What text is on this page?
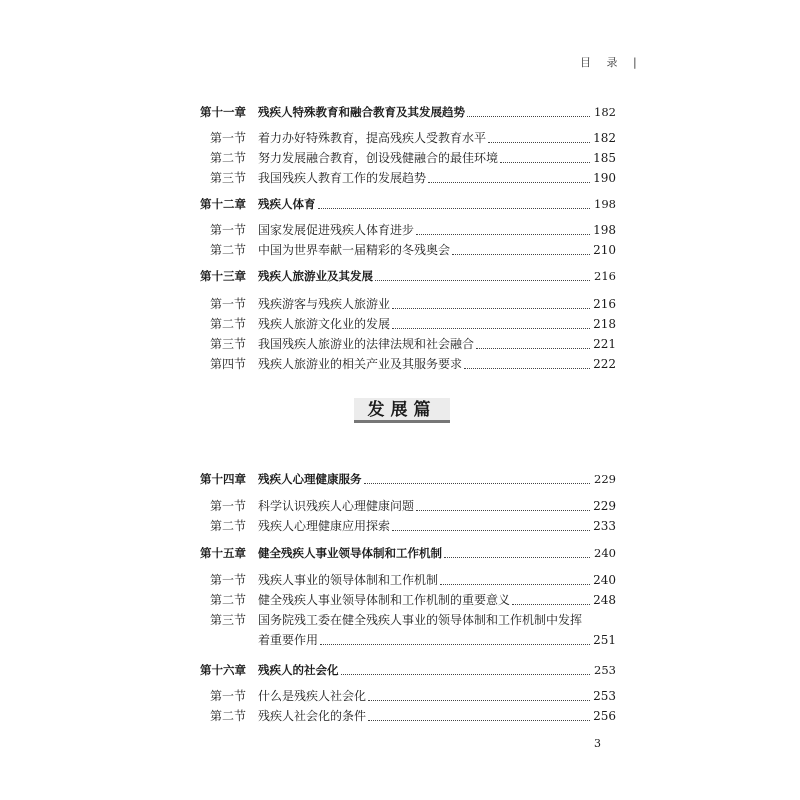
目 录 |
第十一章	残疾人特殊教育和融合教育及其发展趋势	182
第一节 着力办好特殊教育，提高残疾人受教育水平	182
第二节 努力发展融合教育，创设残健融合的最佳环境	185
第三节 我国残疾人教育工作的发展趋势	190
第十二章	残疾人体育	198
第一节 国家发展促进残疾人体育进步	198
第二节 中国为世界奉献一届精彩的冬残奥会	210
第十三章	残疾人旅游业及其发展	216
第一节 残疾游客与残疾人旅游业	216
第二节 残疾人旅游文化业的发展	218
第三节 我国残疾人旅游业的法律法规和社会融合	221
第四节 残疾人旅游业的相关产业及其服务要求	222
第十四章	残疾人心理健康服务	229
第一节 科学认识残疾人心理健康问题	229
第二节 残疾人心理健康应用探索	233
第十五章	健全残疾人事业领导体制和工作机制	240
第一节 残疾人事业的领导体制和工作机制	240
第二节 健全残疾人事业领导体制和工作机制的重要意义	248
第三节 国务院残工委在健全残疾人事业的领导体制和工作机制中发挥
着重要作用	251
第十六章	残疾人的社会化	253
第一节 什么是残疾人社会化	253
第二节 残疾人社会化的条件	256
发展篇
3
